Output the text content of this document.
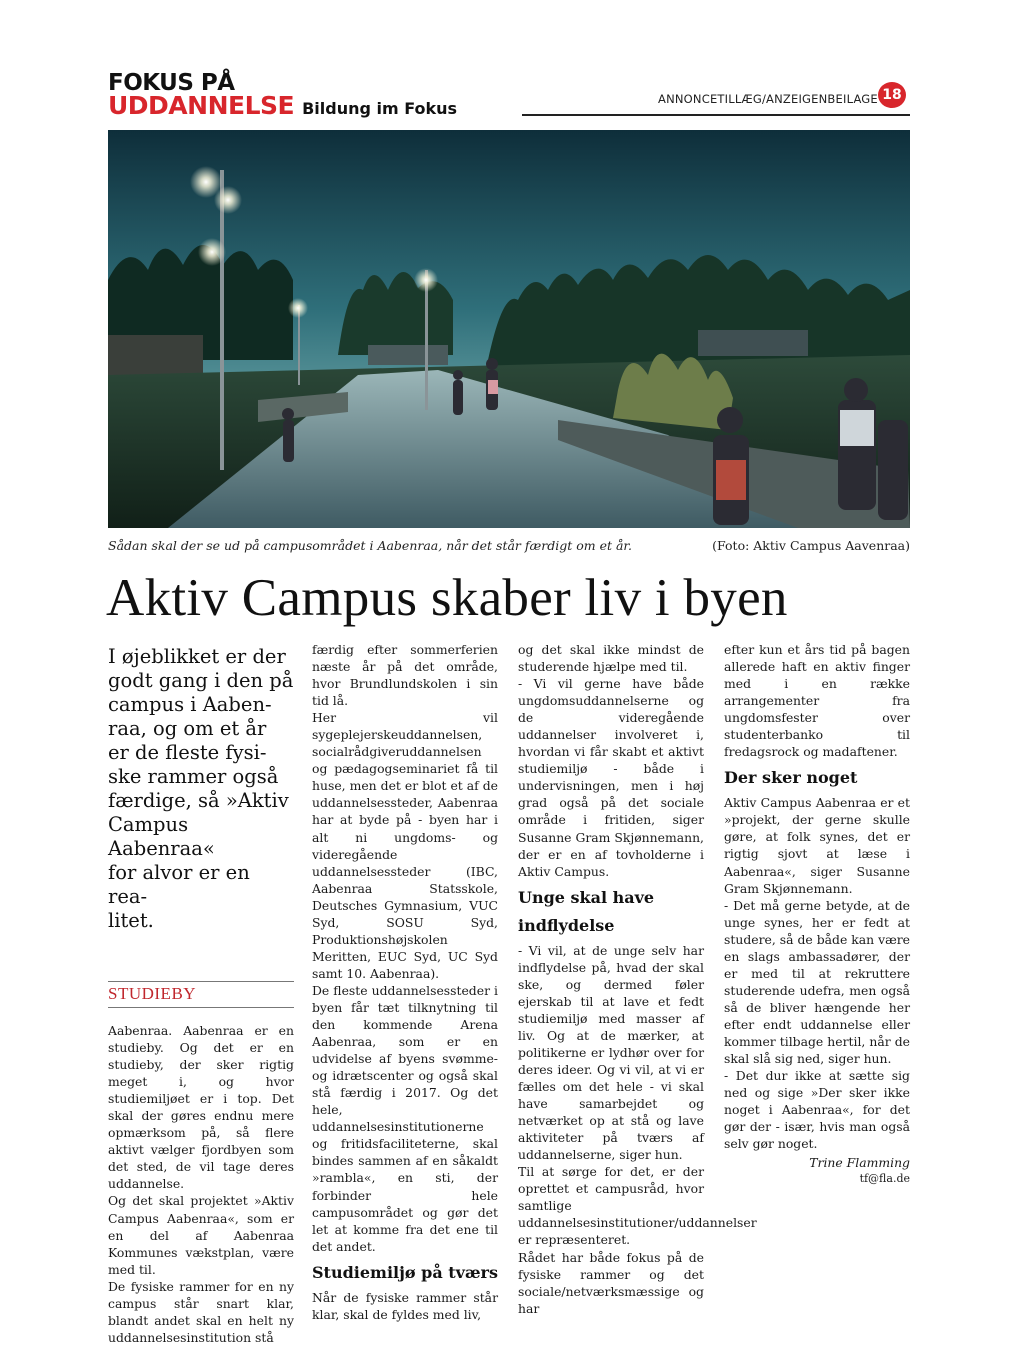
FOKUS PÅ
UDDANNELSE Bildung im Fokus	ANNONCETILLÆG/ANZEIGENBEILAGE 18
Sådan skal der se ud på campusområdet i Aabenraa, når det står færdigt om et år.	(Foto: Aktiv Campus Aavenraa)
Aktiv Campus skaber liv i byen

I øjeblikket er der
godt gang i den på
campus i Aaben-
raa, og om et år
er de fleste fysi-
ske rammer også
færdige, så »Aktiv
Campus Aabenraa«
for alvor er en rea-
litet.

STUDIEBY

Aabenraa. Aabenraa er en studieby. Og det er en studieby, der sker rigtig meget i, og hvor studiemiljøet er i top. Det skal der gøres endnu mere opmærksom på, så flere aktivt vælger fjordbyen som det sted, de vil tage deres uddannelse.

Og det skal projektet »Aktiv Campus Aabenraa«, som er en del af Aabenraa Kommunes vækstplan, være med til.

De fysiske rammer for en ny campus står snart klar, blandt andet skal en helt ny uddannelsesinstitution stå

færdig efter sommerferien næste år på det område, hvor Brundlundskolen i sin tid lå.

Her vil sygeplejerskeuddannelsen, socialrådgiveruddannelsen og pædagogseminariet få til huse, men det er blot et af de uddannelsessteder, Aabenraa har at byde på - byen har i alt ni ungdoms- og videregående uddannelsessteder (IBC, Aabenraa Statsskole, Deutsches Gymnasium, VUC Syd, SOSU Syd, Produktionshøjskolen Meritten, EUC Syd, UC Syd samt 10. Aabenraa).

De fleste uddannelsessteder i byen får tæt tilknytning til den kommende Arena Aabenraa, som er en udvidelse af byens svømme- og idrætscenter og også skal stå færdig i 2017. Og det hele, uddannelsesinstitutionerne og fritidsfaciliteterne, skal bindes sammen af en såkaldt »rambla«, en sti, der forbinder hele campusområdet og gør det let at komme fra det ene til det andet.

Studiemiljø på tværs

Når de fysiske rammer står klar, skal de fyldes med liv,

og det skal ikke mindst de studerende hjælpe med til.

- Vi vil gerne have både ungdomsuddannelserne og de videregående uddannelser involveret i, hvordan vi får skabt et aktivt studiemiljø - både i undervisningen, men i høj grad også på det sociale område i fritiden, siger Susanne Gram Skjønnemann, der er en af tovholderne i Aktiv Campus.

Unge skal have indflydelse

- Vi vil, at de unge selv har indflydelse på, hvad der skal ske, og dermed føler ejerskab til at lave et fedt studiemiljø med masser af liv. Og at de mærker, at politikerne er lydhør over for deres ideer. Og vi vil, at vi er fælles om det hele - vi skal have samarbejdet og netværket op at stå og lave aktiviteter på tværs af uddannelserne, siger hun.

Til at sørge for det, er der oprettet et campusråd, hvor samtlige uddannelsesinstitutioner/uddannelser er repræsenteret.

Rådet har både fokus på de fysiske rammer og det sociale/netværksmæssige og har

efter kun et års tid på bagen allerede haft en aktiv finger med i en række arrangementer fra ungdomsfester over studenterbanko til fredagsrock og madaftener.

Der sker noget

Aktiv Campus Aabenraa er et »projekt, der gerne skulle gøre, at folk synes, det er rigtig sjovt at læse i Aabenraa«, siger Susanne Gram Skjønnemann.

- Det må gerne betyde, at de unge synes, her er fedt at studere, så de både kan være en slags ambassadører, der er med til at rekruttere studerende udefra, men også så de bliver hængende her efter endt uddannelse eller kommer tilbage hertil, når de skal slå sig ned, siger hun.

- Det dur ikke at sætte sig ned og sige »Der sker ikke noget i Aabenraa«, for det gør der - især, hvis man også selv gør noget.

Trine Flamming
tf@fla.de
